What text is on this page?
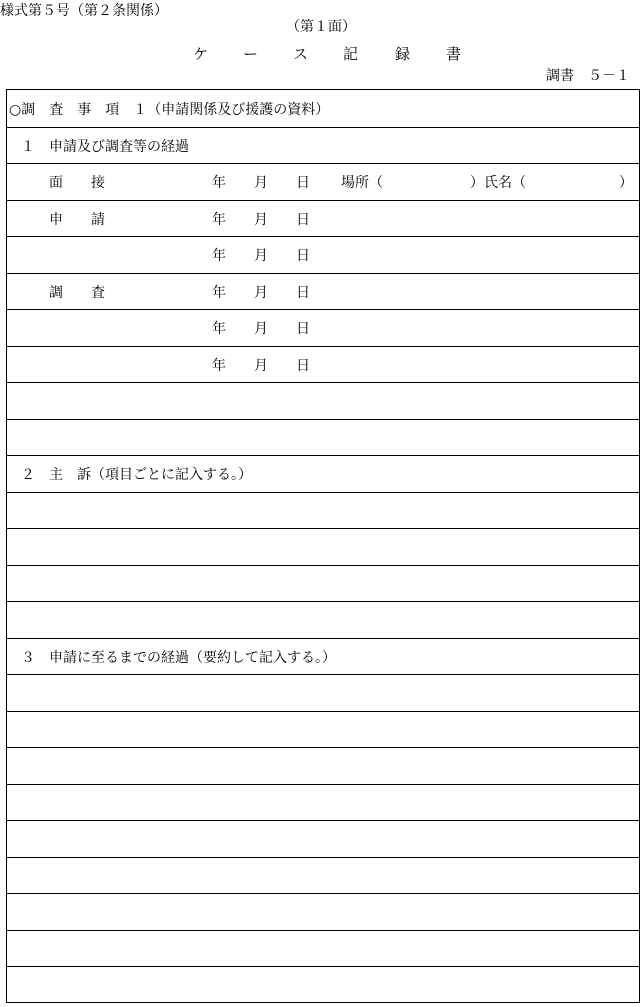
様式第５号（第２条関係）
（第１面）
ケ ー ス 記 録 書
調書　５－１
○調　査　事　項　１（申請関係及び援護の資料）
１　申請及び調査等の経過
面　　接	年　　月　　日 場所（	）氏名（	）
申　　請	年　　月　　日
年　　月　　日
調　　査	年　　月　　日
年　　月　　日
年　　月　　日
２　主　訴（項目ごとに記入する。）
３　申請に至るまでの経過（要約して記入する。）
